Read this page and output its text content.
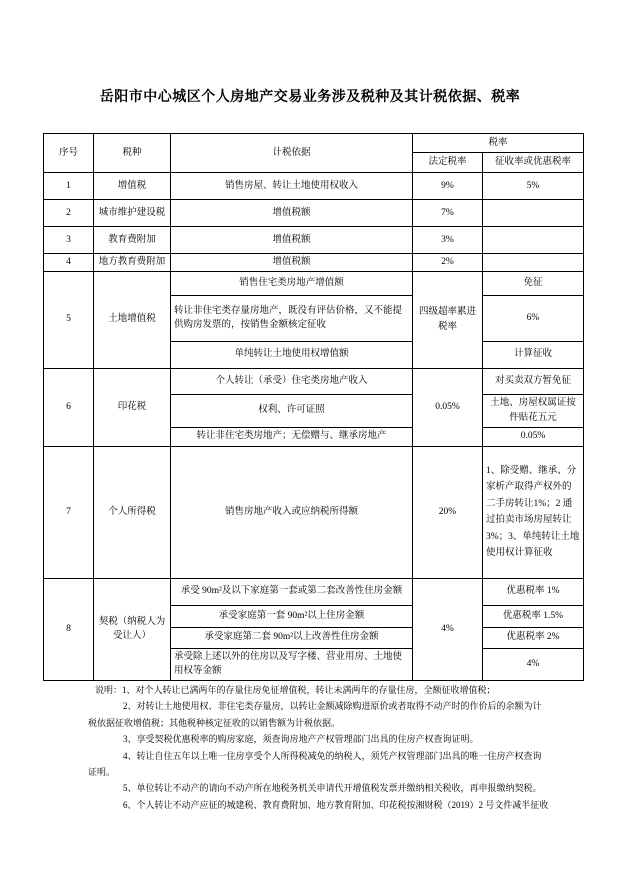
岳阳市中心城区个人房地产交易业务涉及税种及其计税依据、税率
序号	税种	计税依据	税率	
			法定税率	征收率或优惠税率
1	增值税	销售房屋、转让土地使用权收入	9%	5%
2	城市维护建设税	增值税额	7%	
3	教育费附加	增值税额	3%	
4	地方教育费附加	增值税额	2%	
5	土地增值税	销售住宅类房地产增值额	四级超率累进税率	免征
		转让非住宅类存量房地产，既没有评估价格，又不能提供购房发票的，按销售金额核定征收		6%
		单纯转让土地使用权增值额		计算征收
6	印花税	个人转让（承受）住宅类房地产收入	0.05%	对买卖双方暂免征
		权利、许可证照		土地、房屋权属证按件贴花五元
		转让非住宅类房地产；无偿赠与、继承房地产		0.05%
7	个人所得税	销售房地产收入或应纳税所得额	20%	1、除受赠、继承、分家析产取得产权外的二手房转让1%；2 通过拍卖市场房屋转让 3%；3、单纯转让土地使用权计算征收
8	契税（纳税人为受让人）	承受 90m²及以下家庭第一套或第二套改善性住房金额	4%	优惠税率 1%
		承受家庭第一套 90m²以上住房金额		优惠税率 1.5%
		承受家庭第二套 90m²以上改善性住房金额		优惠税率 2%
		承受除上述以外的住房以及写字楼、营业用房、土地使用权等金额		4%

说明：1、对个人转让已满两年的存量住房免征增值税，转让未满两年的存量住房，全额征收增值税；

2、对转让土地使用权、非住宅类存量房，以转让金额减除购进原价或者取得不动产时的作价后的余额为计税依据征收增值税；其他税种核定征收的以销售额为计税依据。

3、享受契税优惠税率的购房家庭，须查询房地产产权管理部门出具的住房产权查询证明。

4、转让自住五年以上唯一住房享受个人所得税减免的纳税人，须凭产权管理部门出具的唯一住房产权查询证明。

5、单位转让不动产的请向不动产所在地税务机关申请代开增值税发票并缴纳相关税收，再申报缴纳契税。

6、个人转让不动产应征的城建税、教育费附加、地方教育附加、印花税按湘财税（2019）2 号文件减半征收
